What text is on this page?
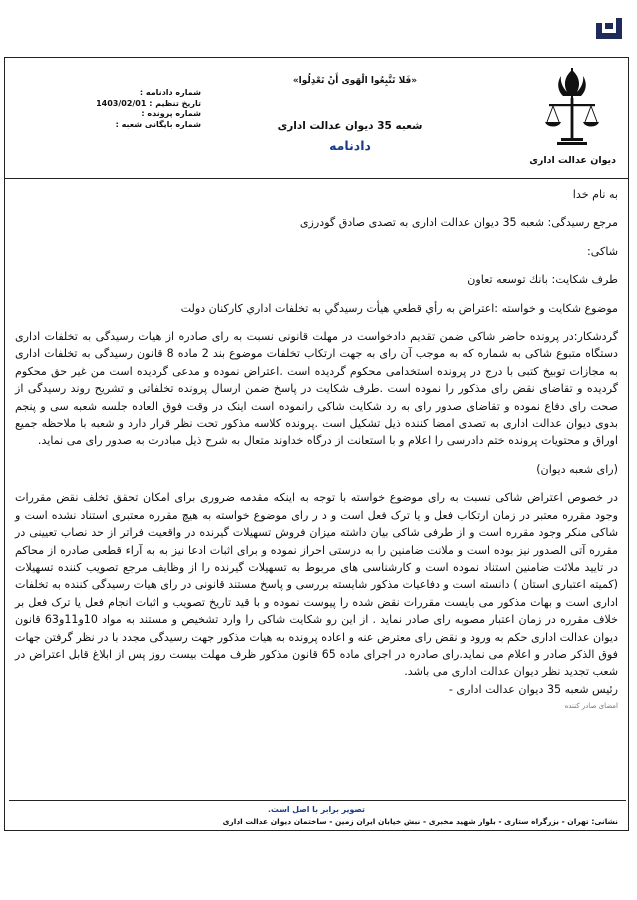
دیوان عدالت اداری
«فَلا تَتَّبِعُوا الْهَوى أَنْ تَعْدِلُوا»
شعبه 35 دیوان عدالت اداری
دادنامه
شماره دادنامه :
تاریخ تنظیم : 1403/02/01
شماره پرونده :
شماره بایگانی شعبه :

به نام خدا

مرجع رسیدگی: شعبه 35 دیوان عدالت اداری به تصدی صادق گودرزی

شاکی:

طرف شکایت: بانك توسعه تعاون

موضوع شکایت و خواسته :اعتراض به رأي قطعي هيأت رسيدگي به تخلفات اداري کارکنان دولت

گردشکار:در پرونده حاضر شاکی ضمن تقدیم دادخواست در مهلت قانونی نسبت به رای صادره از هیات رسیدگی به تخلفات اداری دستگاه متبوع شاکی به شماره که به موجب آن رای به جهت ارتکاب تخلفات موضوع بند 2 ماده 8 قانون رسیدگی به تخلفات اداری به مجازات توبیخ کتبی با درج در پرونده استخدامی محکوم گردیده است .اعتراض نموده و مدعی گردیده است من غیر حق محکوم گردیده و تقاضای نقض رای مذکور را نموده است .طرف شکایت در پاسخ ضمن ارسال پرونده تخلفاتی و تشریح روند رسیدگی از صحت رای دفاع نموده و تقاضای صدور رای به رد شکایت شاکی رانموده است اینک در وقت فوق العاده جلسه شعبه سی و پنجم بدوی دیوان عدالت اداری به تصدی امضا کننده ذیل تشکیل است .پرونده کلاسه مذکور تحت نظر قرار دارد و شعبه با ملاحظه جمیع اوراق و محتویات پرونده ختم دادرسی را اعلام و با استعانت از درگاه خداوند متعال به شرح ذیل مبادرت به صدور رای می نماید.

(رای شعبه دیوان)

در خصوص اعتراض شاکی نسبت به رای موضوع خواسته با توجه به اینکه مقدمه ضروری برای امکان تحقق تخلف نقض مقررات وجود مقرره معتبر در زمان ارتکاب فعل و یا ترک فعل است و د ر رای موضوع خواسته به هیچ مقرره معتبری استناد نشده است و شاکی منکر وجود مقرره است و از طرفی شاکی بیان داشته میزان فروش تسهیلات گیرنده در واقعیت فراتر از حد نصاب تعیینی در مقرره آتی الصدور نیز بوده است و ملانت ضامنین را به درستی احراز نموده و برای اثبات ادعا نیز به به آراء قطعی صادره از محاکم در تایید ملائت ضامنین استناد نموده است و کارشناسی های مربوط به تسهیلات گیرنده را از وظایف مرجع تصویب کننده تسهیلات (کمیته اعتباری استان ) دانسته است و دفاعیات مذکور شایسته بررسی و پاسخ مستند قانونی در رای هیات رسیدگی کننده به تخلفات اداری است و بهات مذکور می بایست مقررات نقض شده را پیوست نموده و با قید تاریخ تصویب و اثبات انجام فعل یا ترک فعل بر خلاف مقرره در زمان اعتبار مصوبه رای صادر نماید . از این رو شکایت شاکی را وارد تشخیص و مستند به مواد 10و11و63 قانون دیوان عدالت اداری حکم به ورود و نقض رای معترض عنه و اعاده پرونده به هیات مذکور جهت رسیدگی مجدد با در نظر گرفتن جهات فوق الذکر صادر و اعلام می نماید.رای صادره در اجرای ماده 65 قانون مذکور ظرف مهلت بیست روز پس از ابلاغ قابل اعتراض در شعب تجدید نظر دیوان عدالت اداری می باشد.

رئیس شعبه 35 دیوان عدالت اداری -

امضای صادر کننده

تصویر برابر با اصل است.
نشانی: تهران - بزرگراه ستاری - بلوار شهید مخبری - نبش خیابان ایران زمین - ساختمان دیوان عدالت اداری
